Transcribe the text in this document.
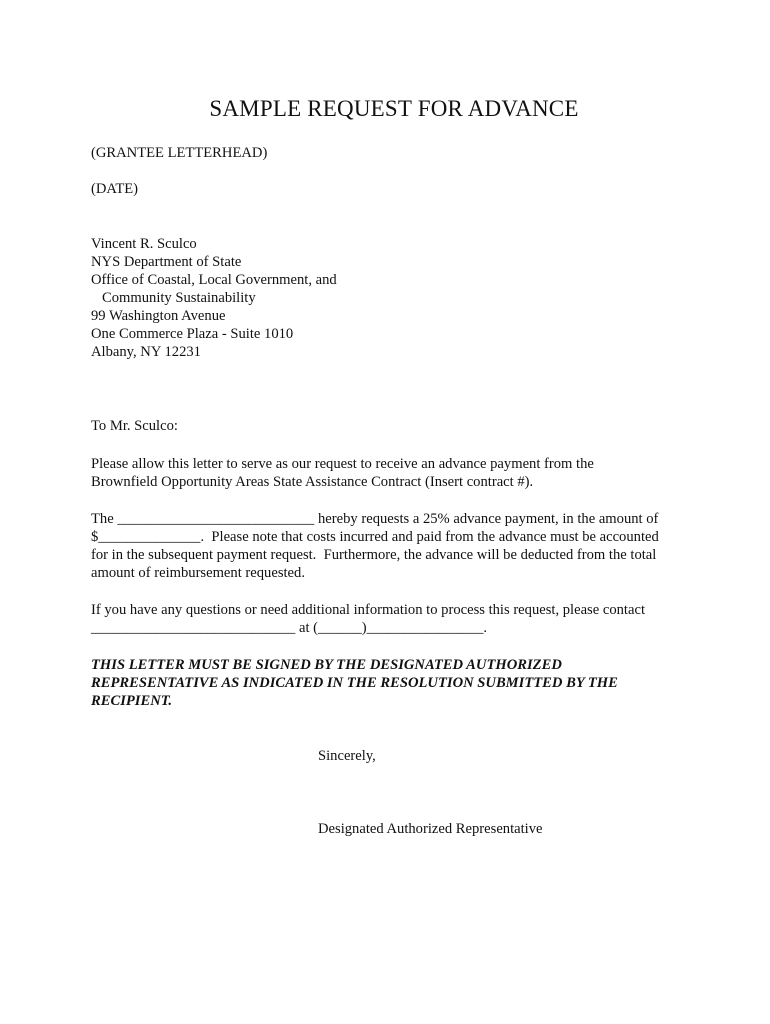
SAMPLE REQUEST FOR ADVANCE
(GRANTEE LETTERHEAD)
(DATE)
Vincent R. Sculco
NYS Department of State
Office of Coastal, Local Government, and
Community Sustainability
99 Washington Avenue
One Commerce Plaza - Suite 1010
Albany, NY 12231
To Mr. Sculco:
Please allow this letter to serve as our request to receive an advance payment from the
Brownfield Opportunity Areas State Assistance Contract (Insert contract #).
The ___________________________ hereby requests a 25% advance payment, in the amount of
$______________.  Please note that costs incurred and paid from the advance must be accounted
for in the subsequent payment request.  Furthermore, the advance will be deducted from the total
amount of reimbursement requested.
If you have any questions or need additional information to process this request, please contact
____________________________ at (______)________________.
THIS LETTER MUST BE SIGNED BY THE DESIGNATED AUTHORIZED
REPRESENTATIVE AS INDICATED IN THE RESOLUTION SUBMITTED BY THE
RECIPIENT.
Sincerely,
Designated Authorized Representative
